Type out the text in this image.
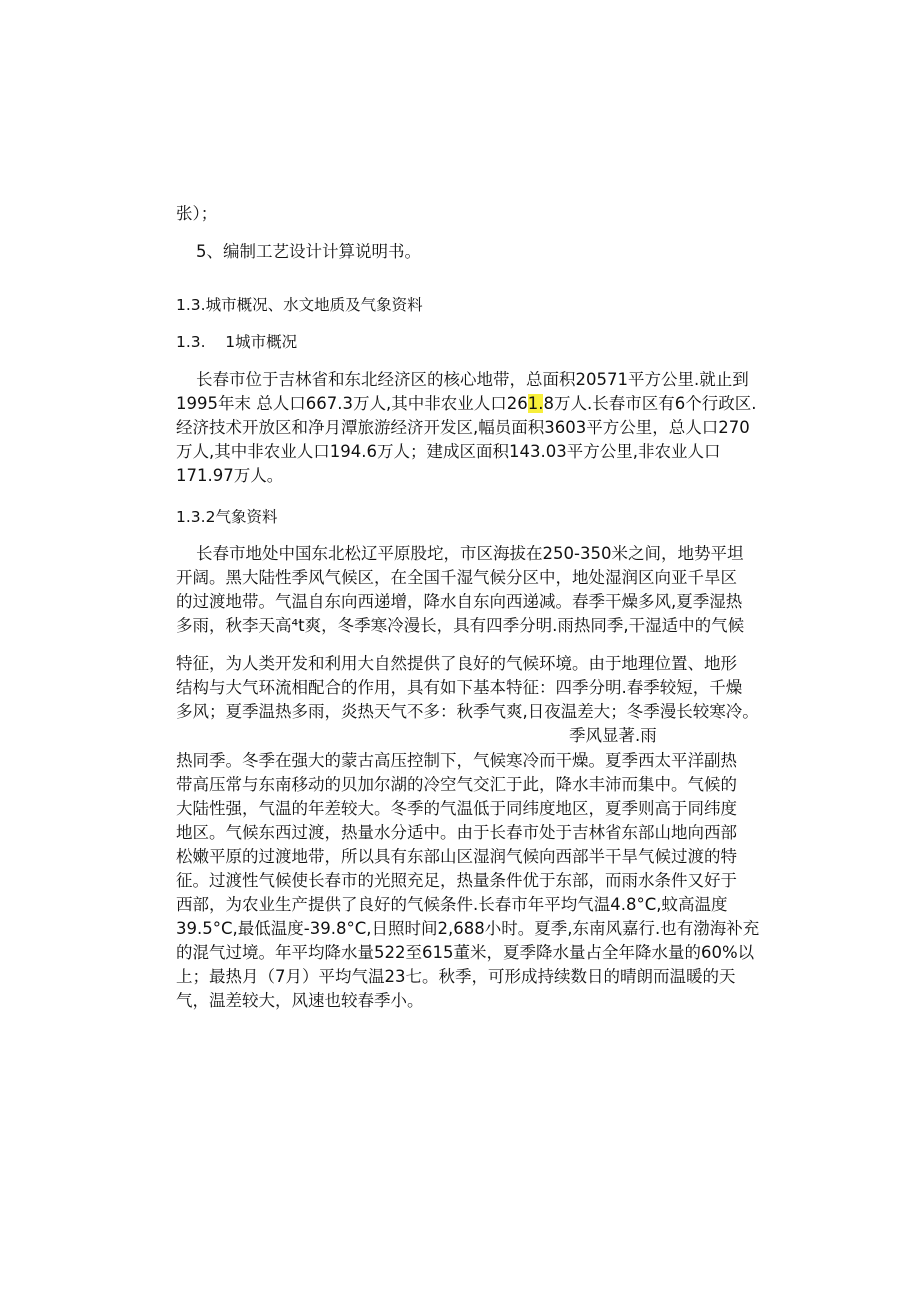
张）；
5、编制工艺设计计算说明书。
1.3.城市概况、水文地质及气象资料
1.3.    1城市概况
长春市位于吉林省和东北经济区的核心地带，总面积20571平方公里.就止到
1995年末 总人口667.3万人,其中非农业人口261.8万人.长春市区有6个行政区.
经济技术开放区和净月潭旅游经济开发区,幅员面积3603平方公里，总人口270
万人,其中非农业人口194.6万人；建成区面积143.03平方公里,非农业人口
171.97万人。
1.3.2气象资料
长春市地处中国东北松辽平原股坨，市区海拔在250-350米之间，地势平坦
开阔。黑大陆性季风气候区，在全国千湿气候分区中，地处湿润区向亚千旱区
的过渡地带。气温自东向西递增，降水自东向西递减。春季干燥多风,夏季湿热
多雨，秋李天高⁴t爽，冬季寒冷漫长，具有四季分明.雨热同季,干湿适中的气候
特征，为人类开发和利用大自然提供了良好的气候环境。由于地理位置、地形
结构与大气环流相配合的作用，具有如下基本特征：四季分明.春季较短，千燥
多风；夏季温热多雨，炎热天气不多：秋季气爽,日夜温差大；冬季漫长较寒冷。
季风显著.雨
热同季。冬季在强大的蒙古高压控制下，气候寒冷而干燥。夏季西太平洋副热
带高压常与东南移动的贝加尔湖的冷空气交汇于此，降水丰沛而集中。气候的
大陆性强，气温的年差较大。冬季的气温低于同纬度地区，夏季则高于同纬度
地区。气候东西过渡，热量水分适中。由于长春市处于吉林省东部山地向西部
松嫩平原的过渡地带，所以具有东部山区湿润气候向西部半干旱气候过渡的特
征。过渡性气候使长春市的光照充足，热量条件优于东部，而雨水条件又好于
西部，为农业生产提供了良好的气候条件.长春市年平均气温4.8°C,蚊高温度
39.5°C,最低温度-39.8°C,日照时间2,688小时。夏季,东南风嘉行.也有渤海补充
的混气过境。年平均降水量522至615董米，夏季降水量占全年降水量的60%以
上；最热月（7月）平均气温23七。秋季，可形成持续数日的晴朗而温暖的天
气，温差较大，风速也较春季小。
